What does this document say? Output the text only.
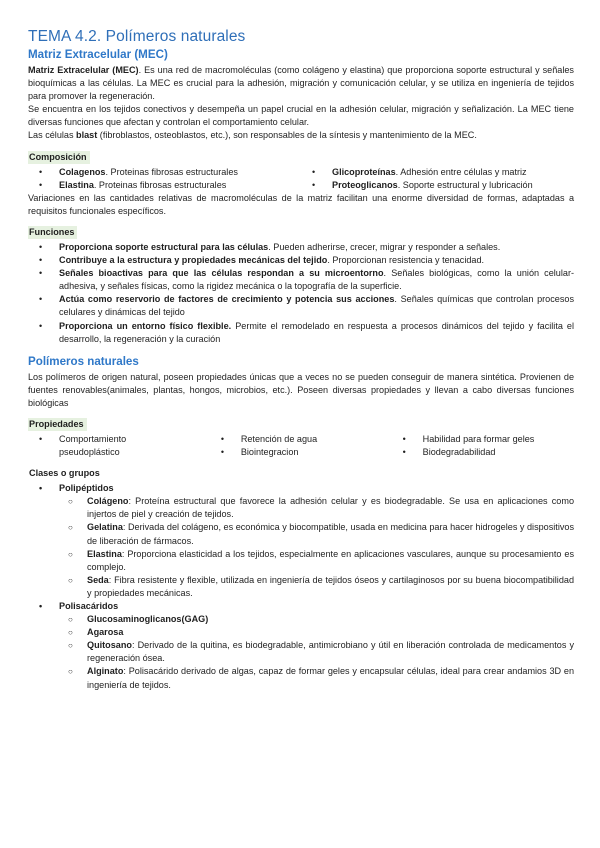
TEMA 4.2. Polímeros naturales
Matriz Extracelular (MEC)

Matriz Extracelular (MEC). Es una red de macromoléculas (como colágeno y elastina) que proporciona soporte estructural y señales bioquímicas a las células. La MEC es crucial para la adhesión, migración y comunicación celular, y se utiliza en ingeniería de tejidos para promover la regeneración.

Se encuentra en los tejidos conectivos y desempeña un papel crucial en la adhesión celular, migración y señalización. La MEC tiene diversas funciones que afectan y controlan el comportamiento celular.

Las células blast (fibroblastos, osteoblastos, etc.), son responsables de la síntesis y mantenimiento de la MEC.

Composición
• Colagenos. Proteinas fibrosas estructurales
• Elastina. Proteinas fibrosas estructurales
• Glicoproteínas. Adhesión entre células y matriz
• Proteoglicanos. Soporte estructural y lubricación

Variaciones en las cantidades relativas de macromoléculas de la matriz facilitan una enorme diversidad de formas, adaptadas a requisitos funcionales específicos.

Funciones
• Proporciona soporte estructural para las células. Pueden adherirse, crecer, migrar y responder a señales.
• Contribuye a la estructura y propiedades mecánicas del tejido. Proporcionan resistencia y tenacidad.
• Señales bioactivas para que las células respondan a su microentorno. Señales biológicas, como la unión celular-adhesiva, y señales físicas, como la rigidez mecánica o la topografía de la superficie.
• Actúa como reservorio de factores de crecimiento y potencia sus acciones. Señales químicas que controlan procesos celulares y dinámicas del tejido
• Proporciona un entorno físico flexible. Permite el remodelado en respuesta a procesos dinámicos del tejido y facilita el desarrollo, la regeneración y la curación
Polímeros naturales

Los polímeros de origen natural, poseen propiedades únicas que a veces no se pueden conseguir de manera sintética. Provienen de fuentes renovables(animales, plantas, hongos, microbios, etc.). Poseen diversas propiedades y llevan a cabo diversas funciones biológicas

Propiedades
• Comportamiento pseudoplástico
• Retención de agua
• Biointegracion
• Habilidad para formar geles
• Biodegradabilidad
Clases o grupos
• Polipéptidos
○ Colágeno: Proteína estructural que favorece la adhesión celular y es biodegradable. Se usa en aplicaciones como injertos de piel y creación de tejidos.
○ Gelatina: Derivada del colágeno, es económica y biocompatible, usada en medicina para hacer hidrogeles y dispositivos de liberación de fármacos.
○ Elastina: Proporciona elasticidad a los tejidos, especialmente en aplicaciones vasculares, aunque su procesamiento es complejo.
○ Seda: Fibra resistente y flexible, utilizada en ingeniería de tejidos óseos y cartilaginosos por su buena biocompatibilidad y propiedades mecánicas.
• Polisacáridos
○ Glucosaminoglicanos(GAG)
○ Agarosa
○ Quitosano: Derivado de la quitina, es biodegradable, antimicrobiano y útil en liberación controlada de medicamentos y regeneración ósea.
○ Alginato: Polisacárido derivado de algas, capaz de formar geles y encapsular células, ideal para crear andamios 3D en ingeniería de tejidos.
